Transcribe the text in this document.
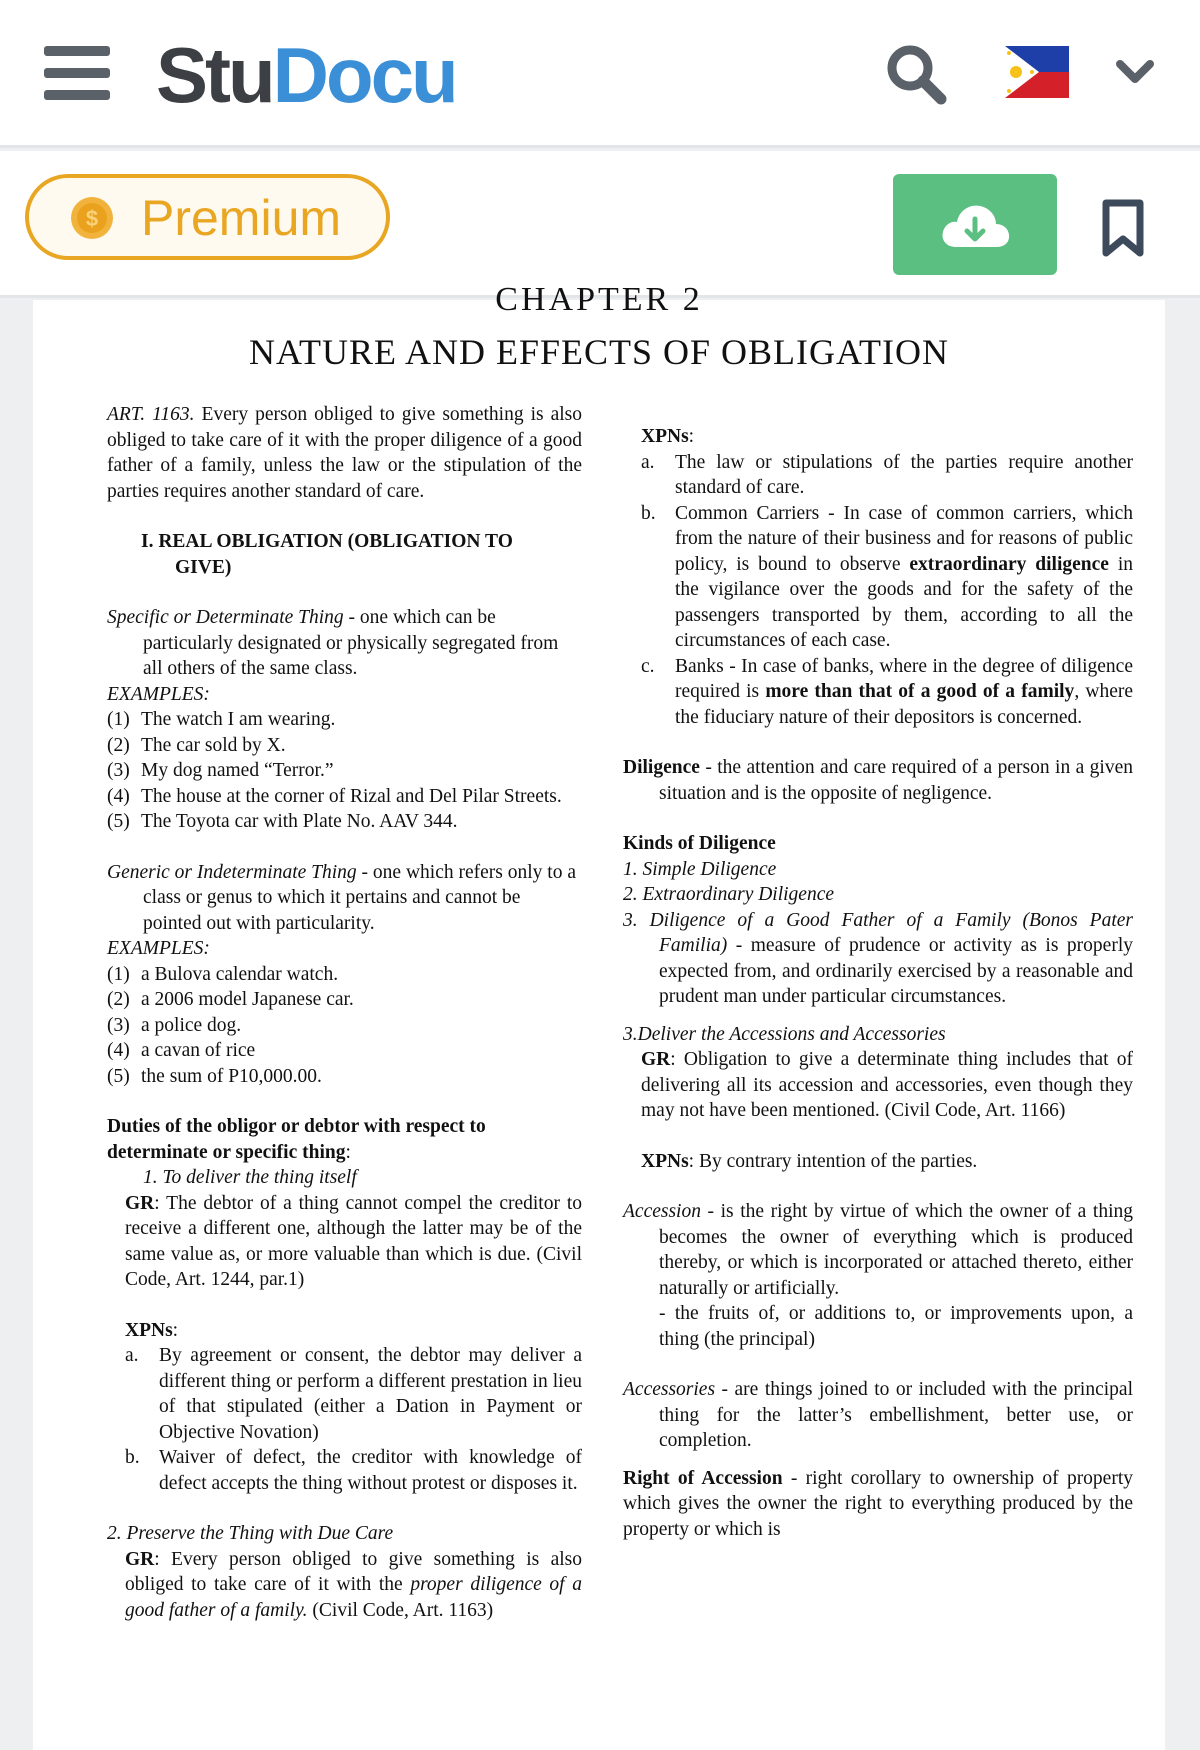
StuDocu
$ Premium
CHAPTER 2
NATURE AND EFFECTS OF OBLIGATION

ART. 1163. Every person obliged to give something is also obliged to take care of it with the proper diligence of a good father of a family, unless the law or the stipulation of the parties requires another standard of care.

I. REAL OBLIGATION (OBLIGATION TO
GIVE)

Specific or Determinate Thing - one which can be particularly designated or physically segregated from all others of the same class.

EXAMPLES:
(1) The watch I am wearing.
(2) The car sold by X.
(3) My dog named “Terror.”
(4) The house at the corner of Rizal and Del Pilar Streets.
(5) The Toyota car with Plate No. AAV 344.

Generic or Indeterminate Thing - one which refers only to a class or genus to which it pertains and cannot be pointed out with particularity.

EXAMPLES:
(1) a Bulova calendar watch.
(2) a 2006 model Japanese car.
(3) a police dog.
(4) a cavan of rice
(5) the sum of P10,000.00.

Duties of the obligor or debtor with respect to determinate or specific thing:

1. To deliver the thing itself

GR: The debtor of a thing cannot compel the creditor to receive a different one, although the latter may be of the same value as, or more valuable than which is due. (Civil Code, Art. 1244, par.1)

XPNs:

a.	By agreement or consent, the debtor may deliver a different thing or perform a different prestation in lieu of that stipulated (either a Dation in Payment or Objective Novation)
b. Waiver of defect, the creditor with knowledge of defect accepts the thing without protest or disposes it.
2. Preserve the Thing with Due Care

GR: Every person obliged to give something is also obliged to take care of it with the proper diligence of a good father of a family. (Civil Code, Art. 1163)

XPNs:

a.	The law or stipulations of the parties require another standard of care.
b. Common Carriers - In case of common carriers, which from the nature of their business and for reasons of public policy, is bound to observe extraordinary diligence in the vigilance over the goods and for the safety of the passengers transported by them, according to all the circumstances of each case.
c.	Banks - In case of banks, where in the degree of diligence required is more than that of a good of a family, where the fiduciary nature of their depositors is concerned.

Diligence - the attention and care required of a person in a given situation and is the opposite of negligence.

Kinds of Diligence
1. Simple Diligence
2. Extraordinary Diligence

3. Diligence of a Good Father of a Family (Bonos Pater Familia) - measure of prudence or activity as is properly expected from, and ordinarily exercised by a reasonable and prudent man under particular circumstances.

3.Deliver the Accessions and Accessories

GR: Obligation to give a determinate thing includes that of delivering all its accession and accessories, even though they may not have been mentioned. (Civil Code, Art. 1166)

XPNs: By contrary intention of the parties.

Accession - is the right by virtue of which the owner of a thing becomes the owner of everything which is produced thereby, or which is incorporated or attached thereto, either naturally or artificially.

- the fruits of, or additions to, or improvements upon, a thing (the principal)

Accessories - are things joined to or included with the principal thing for the latter’s embellishment, better use, or completion.

Right of Accession - right corollary to ownership of property which gives the owner the right to everything produced by the property or which is
